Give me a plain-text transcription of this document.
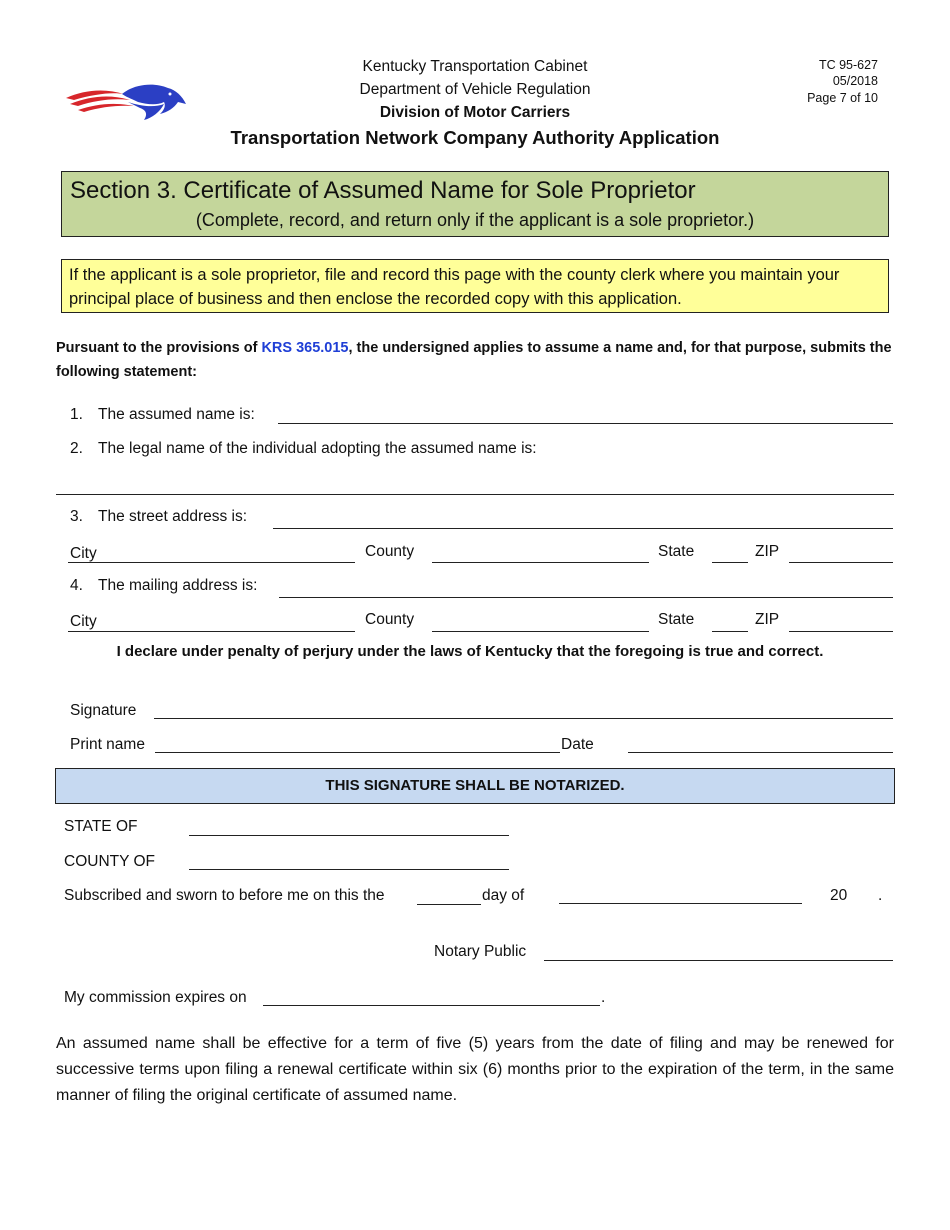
Kentucky Transportation Cabinet
Department of Vehicle Regulation
Division of Motor Carriers
Transportation Network Company Authority Application
TC 95-627
05/2018
Page 7 of 10
Section 3. Certificate of Assumed Name for Sole Proprietor
(Complete, record, and return only if the applicant is a sole proprietor.)
If the applicant is a sole proprietor, file and record this page with the county clerk where you maintain your principal place of business and then enclose the recorded copy with this application.
Pursuant to the provisions of KRS 365.015, the undersigned applies to assume a name and, for that purpose, submits the following statement:
1. The assumed name is:
2. The legal name of the individual adopting the assumed name is:
3. The street address is:
City	County	State	ZIP
4. The mailing address is:
City	County	State	ZIP
I declare under penalty of perjury under the laws of Kentucky that the foregoing is true and correct.
Signature
Print name	Date
THIS SIGNATURE SHALL BE NOTARIZED.
STATE OF
COUNTY OF
Subscribed and sworn to before me on this the	day of	20 .
Notary Public
My commission expires on	.
An assumed name shall be effective for a term of five (5) years from the date of filing and may be renewed for successive terms upon filing a renewal certificate within six (6) months prior to the expiration of the term, in the same manner of filing the original certificate of assumed name.
